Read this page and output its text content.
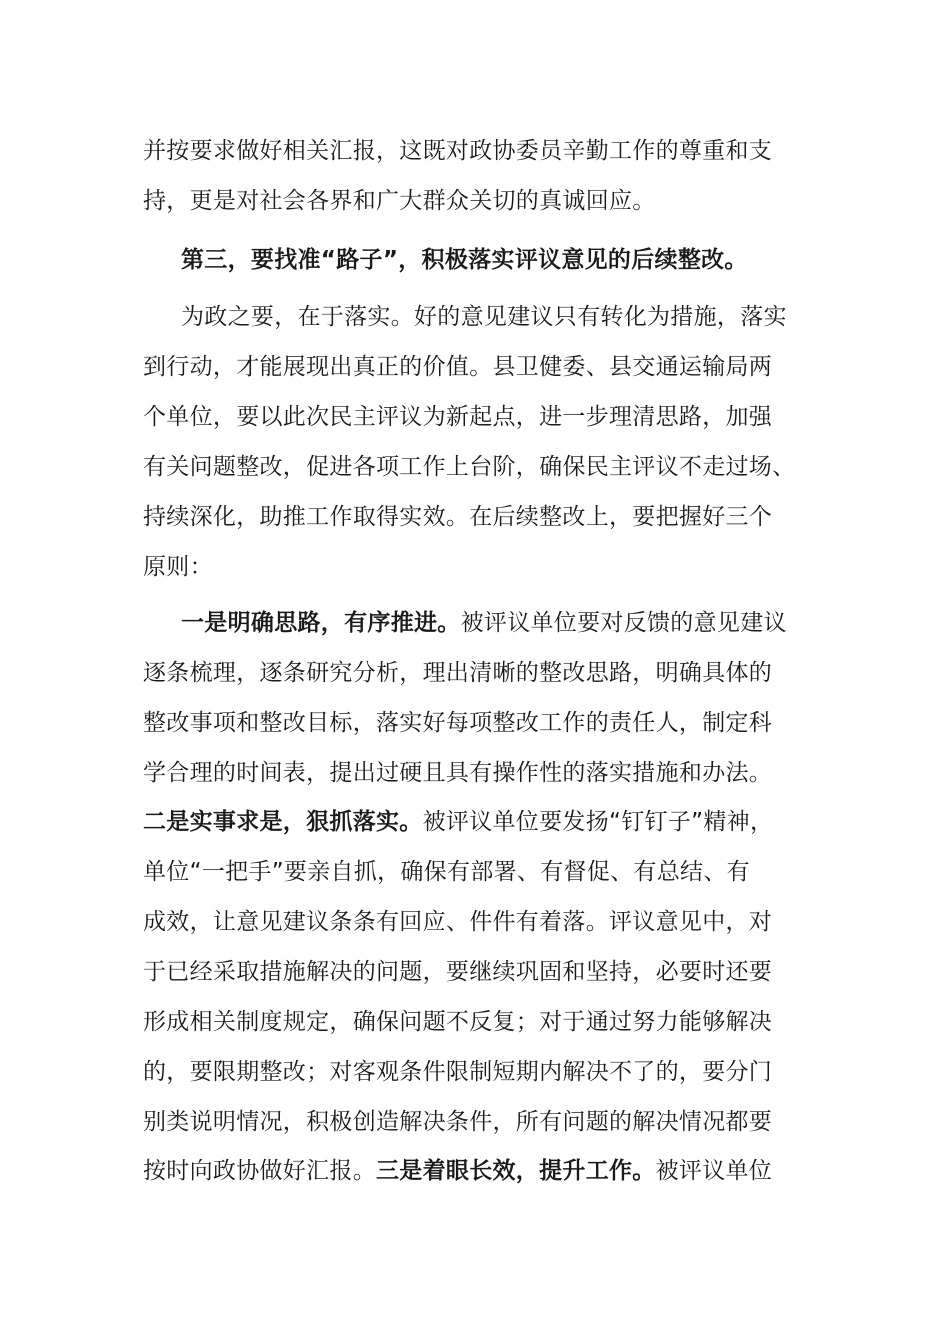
并按要求做好相关汇报，这既对政协委员辛勤工作的尊重和支
持，更是对社会各界和广大群众关切的真诚回应。
第三，要找准“路子”，积极落实评议意见的后续整改。
为政之要，在于落实。好的意见建议只有转化为措施，落实
到行动，才能展现出真正的价值。县卫健委、县交通运输局两
个单位，要以此次民主评议为新起点，进一步理清思路，加强
有关问题整改，促进各项工作上台阶，确保民主评议不走过场、
持续深化，助推工作取得实效。在后续整改上，要把握好三个
原则：
一是明确思路，有序推进。被评议单位要对反馈的意见建议
逐条梳理，逐条研究分析，理出清晰的整改思路，明确具体的
整改事项和整改目标，落实好每项整改工作的责任人，制定科
学合理的时间表，提出过硬且具有操作性的落实措施和办法。
二是实事求是，狠抓落实。被评议单位要发扬“钉钉子”精神，
单位“一把手”要亲自抓，确保有部署、有督促、有总结、有
成效，让意见建议条条有回应、件件有着落。评议意见中，对
于已经采取措施解决的问题，要继续巩固和坚持，必要时还要
形成相关制度规定，确保问题不反复；对于通过努力能够解决
的，要限期整改；对客观条件限制短期内解决不了的，要分门
别类说明情况，积极创造解决条件，所有问题的解决情况都要
按时向政协做好汇报。三是着眼长效，提升工作。被评议单位
